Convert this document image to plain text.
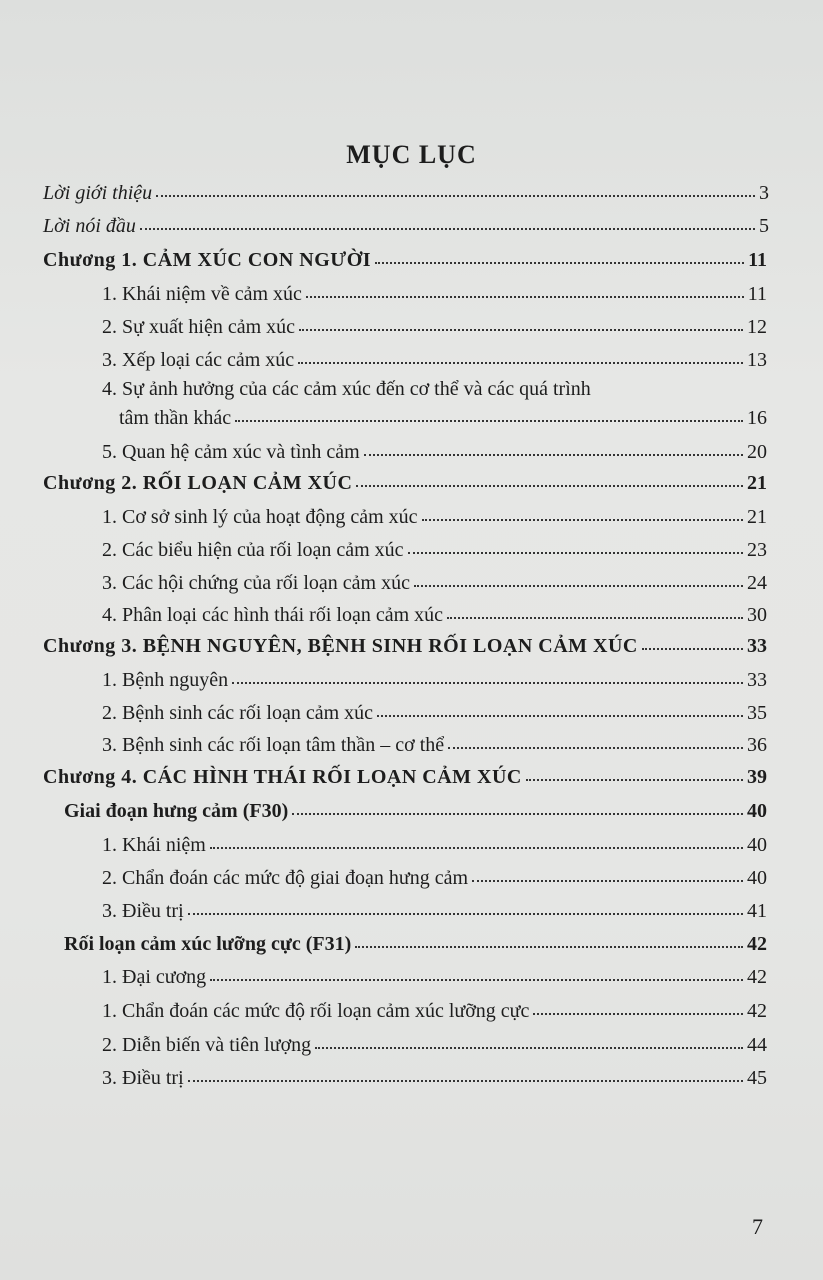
MỤC LỤC
Lời giới thiệu	3
Lời nói đầu	5
Chương 1. CẢM XÚC CON NGƯỜI	11
1. Khái niệm về cảm xúc	11
2. Sự xuất hiện cảm xúc	12
3. Xếp loại các cảm xúc	13
4. Sự ảnh hưởng của các cảm xúc đến cơ thể và các quá trình
tâm thần khác	16
5. Quan hệ cảm xúc và tình cảm	20
Chương 2. RỐI LOẠN CẢM XÚC	21
1. Cơ sở sinh lý của hoạt động cảm xúc	21
2. Các biểu hiện của rối loạn cảm xúc	23
3. Các hội chứng của rối loạn cảm xúc	24
4. Phân loại các hình thái rối loạn cảm xúc	30
Chương 3. BỆNH NGUYÊN, BỆNH SINH RỐI LOẠN CẢM XÚC	33
1. Bệnh nguyên	33
2. Bệnh sinh các rối loạn cảm xúc	35
3. Bệnh sinh các rối loạn tâm thần – cơ thể	36
Chương 4. CÁC HÌNH THÁI RỐI LOẠN CẢM XÚC	39
Giai đoạn hưng cảm (F30)	40
1. Khái niệm	40
2. Chẩn đoán các mức độ giai đoạn hưng cảm	40
3. Điều trị	41
Rối loạn cảm xúc lưỡng cực (F31)	42
1. Đại cương	42
1. Chẩn đoán các mức độ rối loạn cảm xúc lưỡng cực	42
2. Diễn biến và tiên lượng	44
3. Điều trị	45
7
